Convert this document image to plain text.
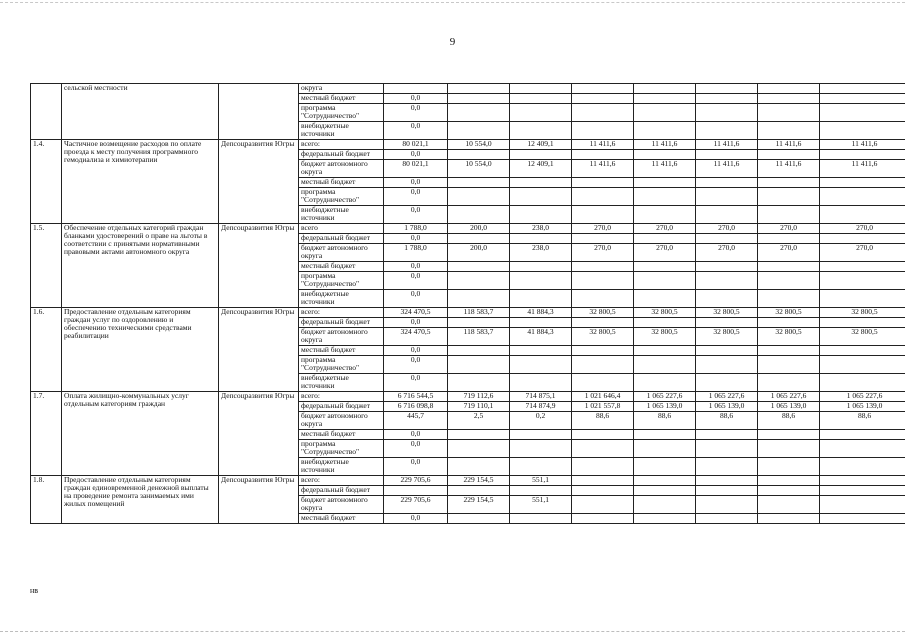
9
	сельской местности		округа								
			местный бюджет	0,0							
			программа "Сотрудничество"	0,0							
			внебюджетные источники	0,0							
1.4.	Частичное возмещение расходов по оплате проезда к месту получения программного гемодиализа и химиотерапии	Депсоцразвития Югры	всего:	80 021,1	10 554,0	12 409,1	11 411,6	11 411,6	11 411,6	11 411,6	11 411,6
			федеральный бюджет	0,0							
			бюджет автономного округа	80 021,1	10 554,0	12 409,1	11 411,6	11 411,6	11 411,6	11 411,6	11 411,6
			местный бюджет	0,0							
			программа "Сотрудничество"	0,0							
			внебюджетные источники	0,0							
1.5.	Обеспечение отдельных категорий граждан бланками удостоверений о праве на льготы в соответствии с принятыми нормативными правовыми актами автономного округа	Депсоцразвития Югры	всего	1 788,0	200,0	238,0	270,0	270,0	270,0	270,0	270,0
			федеральный бюджет	0,0							
			бюджет автономного округа	1 788,0	200,0	238,0	270,0	270,0	270,0	270,0	270,0
			местный бюджет	0,0							
			программа "Сотрудничество"	0,0							
			внебюджетные источники	0,0							
1.6.	Предоставление отдельным категориям граждан услуг по оздоровлению и обеспечению техническими средствами реабилитации	Депсоцразвития Югры	всего:	324 470,5	118 583,7	41 884,3	32 800,5	32 800,5	32 800,5	32 800,5	32 800,5
			федеральный бюджет	0,0							
			бюджет автономного округа	324 470,5	118 583,7	41 884,3	32 800,5	32 800,5	32 800,5	32 800,5	32 800,5
			местный бюджет	0,0							
			программа "Сотрудничество"	0,0							
			внебюджетные источники	0,0							
1.7.	Оплата жилищно-коммунальных услуг отдельным категориям граждан	Депсоцразвития Югры	всего:	6 716 544,5	719 112,6	714 875,1	1 021 646,4	1 065 227,6	1 065 227,6	1 065 227,6	1 065 227,6
			федеральный бюджет	6 716 098,8	719 110,1	714 874,9	1 021 557,8	1 065 139,0	1 065 139,0	1 065 139,0	1 065 139,0
			бюджет автономного округа	445,7	2,5	0,2	88,6	88,6	88,6	88,6	88,6
			местный бюджет	0,0							
			программа "Сотрудничество"	0,0							
			внебюджетные источники	0,0							
1.8.	Предоставление отдельным категориям граждан единовременной денежной выплаты на проведение ремонта занимаемых ими жилых помещений	Депсоцразвития Югры	всего:	229 705,6	229 154,5	551,1					
			федеральный бюджет								
			бюджет автономного округа	229 705,6	229 154,5	551,1					
			местный бюджет	0,0							
нв
